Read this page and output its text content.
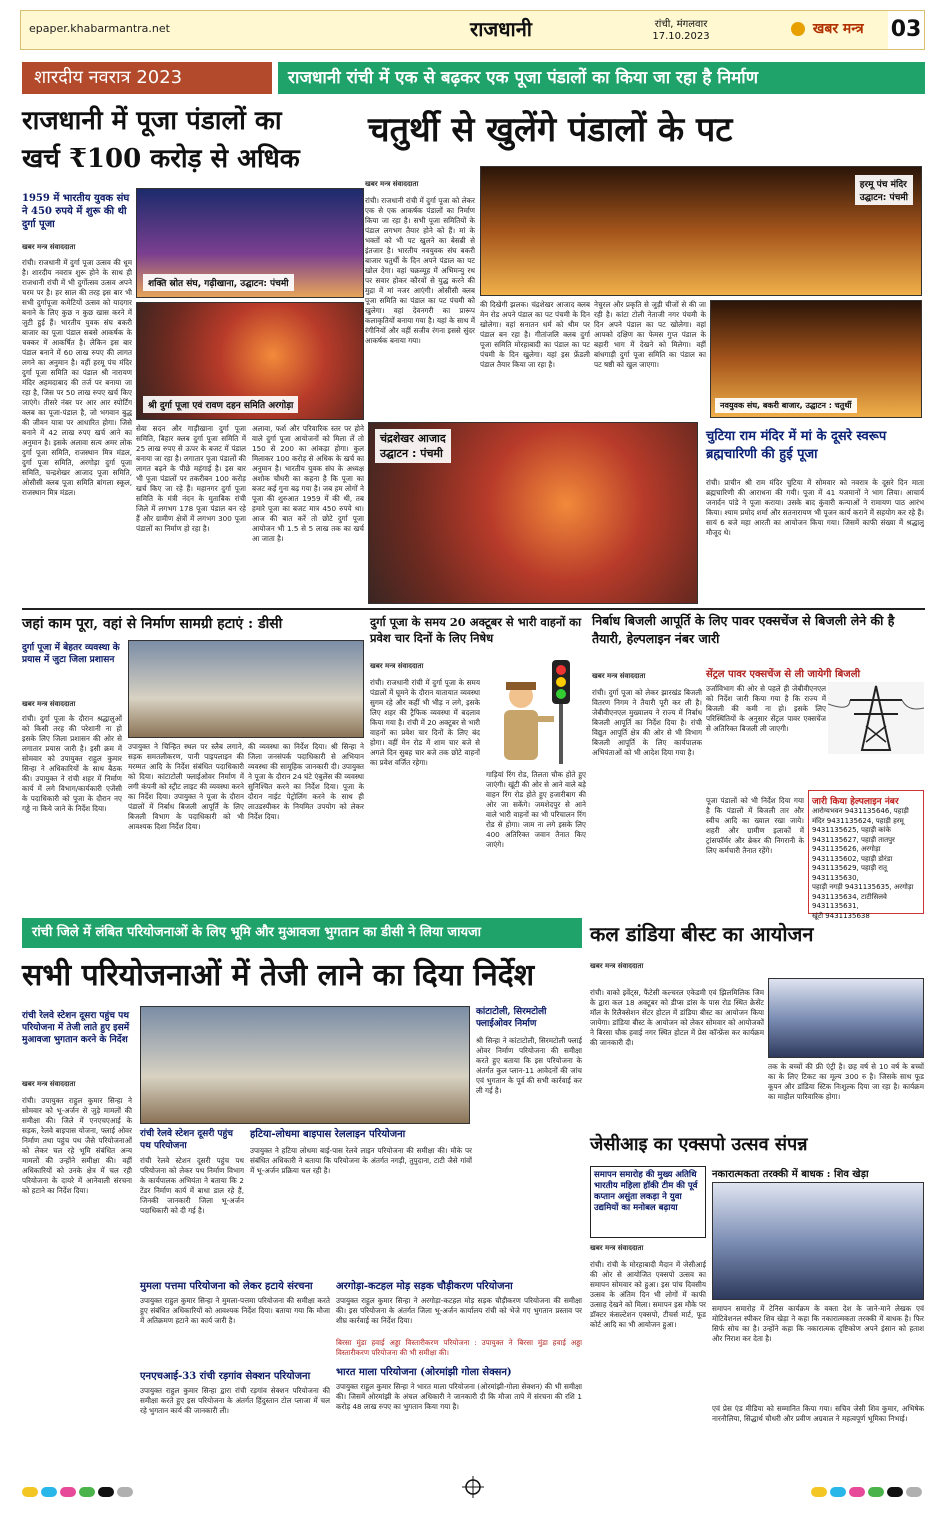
epaper.khabarmantra.net	राजधानी	रांची, मंगलवार
17.10.2023	खबर मन्त्र 03
शारदीय नवरात्र 2023	राजधानी रांची में एक से बढ़कर एक पूजा पंडालों का किया जा रहा है निर्माण
राजधानी में पूजा पंडालों का
खर्च ₹100 करोड़ से अधिक
1959 में भारतीय युवक संघ ने 450 रुपये में शुरू की थी दुर्गा पूजा
खबर मन्त्र संवाददाता
रांची। राजधानी में दुर्गा पूजा उत्सव की धूम है। शारदीय नवरात्र शुरू होने के साथ ही राजधानी रांची में भी दुर्गोत्सव उत्सव अपने चरम पर है। हर साल की तरह इस बार भी सभी दुर्गापूजा कमेटियों उत्सव को यादगार बनाने के लिए कुछ न कुछ खास करने में जुटी हुई हैं। भारतीय युवक संघ बकरी बाजार का पूजा पंडाल सबसे आकर्षक के चक्कर में आकर्षित है। लेकिन इस बार पंडाल बनाने में 60 लाख रुपए की लागत लगने का अनुमान है। वहीं हरमू पंच मंदिर दुर्गा पूजा समिति का पंडाल श्री नारायण मंदिर अहमदाबाद की तर्ज पर बनाया जा रहा है, जिस पर 50 लाख रुपए खर्च किए जाएंगे। तीसरे नंबर पर आर आर स्पोर्टिंग क्लब का पूजा-पंडाल है, जो भगवान बुद्ध की जीवन यात्रा पर आधारित होगा। जिसे बनाने में 42 लाख रुपए खर्च आने का अनुमान है। इसके अलावा सत्य अमर लोक दुर्गा पूजा समिति, राजस्थान मित्र मंडल, दुर्गा पूजा समिति, अरगोड़ा दुर्गा पूजा समिति, चन्द्रशेखर आजाद पूजा समिति, ओसीसी क्लब पूजा समिति बांगला स्कूल, राजस्थान मित्र मंडल।
शक्ति स्रोत संघ, गढ़ीखाना, उद्घाटन: पंचमी
श्री दुर्गा पूजा एवं रावण दहन समिति अरगोड़ा
सेवा सदन और गाड़ीखाना दुर्गा पूजा समिति, बिहार क्लब दुर्गा पूजा समिति में 25 लाख रुपए से ऊपर के बजट में पंडाल बनाया जा रहा है। लगातार पूजा पंडालों की लागत बढ़ने के पीछे महंगाई है। इस बार भी पूजा पंडालों पर तकरीबन 100 करोड़ खर्च किए जा रहे हैं। महानगर दुर्गा पूजा समिति के मंत्री नंदन के मुताबिक रांची जिले में लगभग 178 पूजा पंडाल बन रहे हैं और ग्रामीण क्षेत्रों में लगभग 300 पूजा पंडालों का निर्माण हो रहा है।
अलावा, फर्श और परिवारिक स्तर पर होने वाले दुर्गा पूजा आयोजनों को मिला लें तो 150 से 200 का आंकड़ा होगा। कुल मिलाकर 100 करोड़ से अधिक के खर्च का अनुमान है। भारतीय युवक संघ के अध्यक्ष अशोक चौधरी का कहना है कि पूजा का बजट कई गुना बढ़ गया है। जब हम लोगों ने पूजा की शुरुआत 1959 में की थी, तब हमारे पूजा का बजट मात्र 450 रुपये था। आज की बात करें तो छोटे दुर्गा पूजा आयोजन भी 1.5 से 5 लाख तक का खर्च आ जाता है।
चतुर्थी से खुलेंगे पंडालों के पट
खबर मन्त्र संवाददाता
रांची। राजधानी रांची में दुर्गा पूजा को लेकर एक से एक आकर्षक पंडालों का निर्माण किया जा रहा है। सभी पूजा समितियों के पंडाल लगभग तैयार होने को हैं। मां के भक्तों को भी पट खुलने का बेसब्री से इंतजार है। भारतीय नवयुवक संघ बकरी बाजार चतुर्थी के दिन अपने पंडाल का पट खोल देगा। वहां चक्रव्यूह में अभिमन्यु रथ पर सवार होकर कौरवों से युद्ध करने की मुद्रा में मां नजर आएंगी। ओसीसी क्लब पूजा समिति का पंडाल का पट पंचमी को खुलेगा। वहां देवनगरी का प्रारूप कलाकृतियों बनाया गया है। यहां के साथ में रंगीनियों और वहीं सजीव रंगना इससे सुंदर आकर्षक बनाया गया।
हरमू पंच मंदिर
उद्घाटन: पंचमी
की दिखेगी झलक। चंद्रशेखर आजाद क्लब मेन रोड अपने पंडाल का पट पंचमी के दिन खोलेगा। वहां सनातन धर्म को थीम पर पंडाल बन रहा है। गीतांजलि क्लब दुर्गा पूजा समिति मोरहाबादी का पंडाल का पट पंचमी के दिन खुलेगा। यहां इस फ्रेंडली पंडाल तैयार किया जा रहा है।
नेचुरल और प्रकृति से जुड़ी चीजों से की जा रही है। कांटा टोली नेताजी नगर पंचमी के दिन अपने पंडाल का पट खोलेगा। वहां आपको दक्षिण का फेमस गुप्त पंडाल के बहारी भाग में देखने को मिलेगा। वहीं बांधगाड़ी दुर्गा पूजा समिति का पंडाल का पट षष्ठी को खुल जाएगा।
नवयुवक संघ, बकरी बाजार, उद्घाटन : चतुर्थी
चंद्रशेखर आजाद
उद्घाटन : पंचमी
चुटिया राम मंदिर में मां के दूसरे स्वरूप ब्रह्मचारिणी की हुई पूजा
रांची। प्राचीन श्री राम मंदिर चुटिया में सोमवार को नवरात्र के दूसरे दिन माता ब्रह्मचारिणी की आराधना की गयी। पूजा में 41 यजमानों ने भाग लिया। आचार्य जनार्दन पांडे ने पूजा कराया। उसके बाद कुंवारी कन्याओं ने रामायण पाठ आरंभ किया। श्याम प्रमोद शर्मा और सतनारायण भी पूजन कार्य कराने में सहयोग कर रहे हैं। सायं 6 बजे महा आरती का आयोजन किया गया। जिसमें काफी संख्या में श्रद्धालु मौजूद थे।
जहां काम पूरा, वहां से निर्माण सामग्री हटाएं : डीसी
दुर्गा पूजा में बेहतर व्यवस्था के प्रयास में जुटा जिला प्रशासन
खबर मन्त्र संवाददाता
रांची। दुर्गा पूजा के दौरान श्रद्धालुओं को किसी तरह की परेशानी ना हो इसके लिए जिला प्रशासन की ओर से लगातार प्रयास जारी है। इसी क्रम में सोमवार को उपायुक्त राहुल कुमार सिन्हा ने अधिकारियों के साथ बैठक की। उपायुक्त ने रांची शहर में निर्माण कार्य में लगे विभाग/कार्यकारी एजेंसी के पदाधिकारी को पूजा के दौरान नए गड्ढे ना किये जाने के निर्देश दिया।
उपायुक्त ने चिन्हित स्थल पर स्लैब लगाने, सड़क समतलीकरण, पानी पाइपलाइन की मरम्मत आदि के निर्देश संबंधित पदाधिकारी को दिया। कांटाटोली फ्लाईओवर निर्माण में लगी कंपनी को स्ट्रीट लाइट की व्यवस्था करने का निर्देश दिया। उपायुक्त ने पूजा के दौरान पंडालों में निर्बाध बिजली आपूर्ति के लिए बिजली विभाग के पदाधिकारी को भी आवश्यक दिशा निर्देश दिया।
की व्यवस्था का निर्देश दिया। श्री सिन्हा ने जिला जनसंपर्क पदाधिकारी से अभियान व्यवस्था की सामूहिक जानकारी दी। उपायुक्त ने पूजा के दौरान 24 घंटे एंबुलेंस की व्यवस्था सुनिश्चित करने का निर्देश दिया। पूजा के दौरान नाईट पेट्रोलिंग करने के साथ ही लाउडस्पीकर के नियमित उपयोग को लेकर निर्देश दिया।
दुर्गा पूजा के समय 20 अक्टूबर से भारी वाहनों का प्रवेश चार दिनों के लिए निषेध
खबर मन्त्र संवाददाता
रांची। राजधानी रांची में दुर्गा पूजा के समय पंडालों में घूमने के दौरान यातायात व्यवस्था सुगम रहे और कहीं भी भीड़ न लगे, इसके लिए शहर की ट्रैफिक व्यवस्था में बदलाव किया गया है। रांची में 20 अक्टूबर से भारी वाहनों का प्रवेश चार दिनों के लिए बंद होगा। वहीं मेन रोड में शाम चार बजे से अगले दिन सुबह चार बजे तक छोटे वाहनों का प्रवेश वर्जित रहेगा।
गाड़ियां रिंग रोड, तिलता चौक होते हुए जाएंगी। खूंटी की ओर से आने वाले बड़े वाहन रिंग रोड होते हुए हजारीबाग की ओर जा सकेंगे। जमशेदपुर से आने वाले भारी वाहनों का भी परिचालन रिंग रोड से होगा। जाम ना लगे इसके लिए 400 अतिरिक्त जवान तैनात किए जाएंगे।
निर्बाध बिजली आपूर्ति के लिए पावर एक्सचेंज से बिजली लेने की है तैयारी, हेल्पलाइन नंबर जारी
खबर मन्त्र संवाददाता	सेंट्रल पावर एक्सचेंज से ली जायेगी बिजली
रांची। दुर्गा पूजा को लेकर झारखंड बिजली वितरण निगम ने तैयारी पूरी कर ली है। जेबीवीएनएल मुख्यालय ने राज्य में निर्बाध बिजली आपूर्ति का निर्देश दिया है। रांची विद्युत आपूर्ति क्षेत्र की ओर से भी विभाग बिजली आपूर्ति के लिए कार्यपालक अभियंताओं को भी आदेश दिया गया है।
उर्जाविभाग की ओर से पहले ही जेबीवीएनएल को निर्देश जारी किया गया है कि राज्य में बिजली की कमी ना हो। इसके लिए परिस्थितियों के अनुसार सेंट्रल पावर एक्सचेंज से अतिरिक्त बिजली ली जाएगी।
पूजा पंडालों को भी निर्देश दिया गया है कि पंडालों में बिजली तार और स्वीच आदि का ख्याल रखा जाये। शहरी और ग्रामीण इलाकों में ट्रांसफॉर्मर और ब्रेकर की निगरानी के लिए कर्मचारी तैनात रहेंगे।
जारी किया हेल्पलाइन नंबर
आरोग्यभवन 9431135646, पहाड़ी मंदिर 9431135624, पहाड़ी हरमू
9431135625, पहाड़ी कांके
9431135627, पहाड़ी तातपुर
9431135626, अरगोड़ा
9431135602, पहाड़ी डोरंडा
9431135629, पहाड़ी रातू 9431135630,
पहाड़ी नगड़ी 9431135635, अरगोड़ा
9431135634, टाटीसिलवे 9431135631,
खूंटी 9431135638
रांची जिले में लंबित परियोजनाओं के लिए भूमि और मुआवजा भुगतान का डीसी ने लिया जायजा
सभी परियोजनाओं में तेजी लाने का दिया निर्देश
रांची रेलवे स्टेशन दूसरा पहुंच पथ परियोजना में तेजी लाते हुए इसमें मुआवजा भुगतान करने के निर्देश
खबर मन्त्र संवाददाता
रांची। उपायुक्त राहुल कुमार सिन्हा ने सोमवार को भू-अर्जन से जुड़े मामलों की समीक्षा की। जिले में एनएचएआई के सड़क, रेलवे बाइपास योजना, फ्लाई ओवर निर्माण तथा पहुंच पथ जैसे परियोजनाओं को लेकर चल रहे भूमि संबंधित अन्य मामलों की उन्होंने समीक्षा की। वहीं अधिकारियों को उनके क्षेत्र में चल रही परियोजना के दायरे में आनेवाली संरचना को हटाने का निर्देश दिया।
कांटाटोली, सिरमटोली फ्लाईओवर निर्माण
श्री सिन्हा ने कांटाटोली, सिरमटोली फ्लाई ओवर निर्माण परियोजना की समीक्षा करते हुए बताया कि इस परियोजना के अंतर्गत कुल प्लान-11 आवेदनों की जांच एवं भुगतान के पूर्व की सभी कार्रवाई कर ली गई है।
रांची रेलवे स्टेशन दूसरी पहुंच पथ परियोजना
रांची रेलवे स्टेशन दूसरी पहुंच पथ परियोजना को लेकर पथ निर्माण विभाग के कार्यपालक अभियंता ने बताया कि 2 टेंडर निर्माण कार्य में बाधा डाल रहे हैं, जिनकी जानकारी जिला भू-अर्जन पदाधिकारी को दी गई है।
हटिया-लोधमा बाइपास रेललाइन परियोजना
उपायुक्त ने हटिया लोधमा बाई-पास रेलवे लाइन परियोजना की समीक्षा की। मौके पर संबंधित अधिकारी ने बताया कि परियोजना के अंतर्गत नगड़ी, तुपुदाना, टाटी जैसे गांवों में भू-अर्जन प्रक्रिया चल रही है।
मुमला पत्तमा परियोजना को लेकर हटाये संरचना
उपायुक्त राहुल कुमार सिन्हा ने मुमला-पत्तमा परियोजना की समीक्षा करते हुए संबंधित अधिकारियों को आवश्यक निर्देश दिया। बताया गया कि मौजा में अतिक्रमण हटाने का कार्य जारी है।
एनएचआई-33 रांची रड़गांव सेक्शन परियोजना
उपायुक्त राहुल कुमार सिन्हा द्वारा रांची रड़गांव सेक्शन परियोजना की समीक्षा करते हुए इस परियोजना के अंतर्गत हिंदुस्तान टोल प्लाजा में चल रहे भुगतान कार्य की जानकारी ली।
अरगोड़ा-कटहल मोड़ सड़क चौड़ीकरण परियोजना
उपायुक्त राहुल कुमार सिन्हा ने अरगोड़ा-कटहल मोड़ सड़क चौड़ीकरण परियोजना की समीक्षा की। इस परियोजना के अंतर्गत जिला भू-अर्जन कार्यालय रांची को भेजे गए भुगतान प्रस्ताव पर शीघ्र कार्रवाई का निर्देश दिया।
बिरसा मुंडा हवाई अड्डा विस्तारीकरण परियोजना : उपायुक्त ने बिरसा मुंडा हवाई अड्डा विस्तारीकरण परियोजना की भी समीक्षा की।
भारत माला परियोजना (ओरमांझी गोला सेक्सन)
उपायुक्त राहुल कुमार सिन्हा ने भारत माला परियोजना (ओरमांझी-गोला सेक्शन) की भी समीक्षा की। जिसमें ओरमांझी के अंचल अधिकारी ने जानकारी दी कि मौजा तापे में संरचना की रशि 1 करोड़ 48 लाख रुपए का भुगतान किया गया है।
कल डांडिया बीस्ट का आयोजन
खबर मन्त्र संवाददाता
रांची। वाको इवेंट्स, फैंटेसी कल्चरल एकेडमी एवं झिलमिलिक जिम के द्वारा कल 18 अक्टूबर को डीप्स डांस के पास रोड स्थित क्रेसेंट मॉल के रिलैक्सेशन सेंटर होटल में डांडिया बीस्ट का आयोजन किया जायेगा। डांडिया बीस्ट के आयोजन को लेकर सोमवार को आयोजकों ने बिरसा चौक हवाई नगर स्थित होटल में प्रेस कॉन्फ्रेंस कर कार्यक्रम की जानकारी दी।
तक के बच्चों की फ्री एंट्री है। छह वर्ष से 10 वर्ष के बच्चों का के लिए टिकट का मूल्य 300 रु है। जिसके साथ फूड कूपन और डांडिया स्टिक निःशुल्क दिया जा रहा है। कार्यक्रम का माहौल पारिवारिक होगा।
जेसीआइ का एक्सपो उत्सव संपन्न
समापन समारोह की मुख्य अतिथि भारतीय महिला हॉकी टीम की पूर्व कप्तान असुंता लकड़ा ने युवा उद्यमियों का मनोबल बढ़ाया
नकारात्मकता तरक्की में बाधक : शिव खेड़ा
खबर मन्त्र संवाददाता
रांची। रांची के मोरहाबादी मैदान में जेसीआई की ओर से आयोजित एक्सपो उत्सव का समापन सोमवार को हुआ। इस पांच दिवसीय उत्सव के अंतिम दिन भी लोगों में काफी उत्साह देखने को मिला। समापन इस मौके पर डॉक्टर कंसल्टेशन एक्सपो, टीचर्स मार्ट, फूड कोर्ट आदि का भी आयोजन हुआ।
समापन समारोह में टेनिस कार्यक्रम के वक्ता देश के जाने-माने लेखक एवं मोटिवेशनल स्पीकर शिव खेड़ा ने कहा कि नकारात्मकता तरक्की में बाधक है। फिर सिर्फ सोच का है। उन्होंने कहा कि नकारात्मक दृष्टिकोण अपने इंसान को हताश और निराश कर देता है।
एवं प्रेस एंड मीडिया को सम्मानित किया गया। सचिव जेसी शिव कुमार, अभिषेक नारनौलिया, सिद्धार्थ चौधरी और प्रवीण अग्रवाल ने महत्वपूर्ण भूमिका निभाई।
